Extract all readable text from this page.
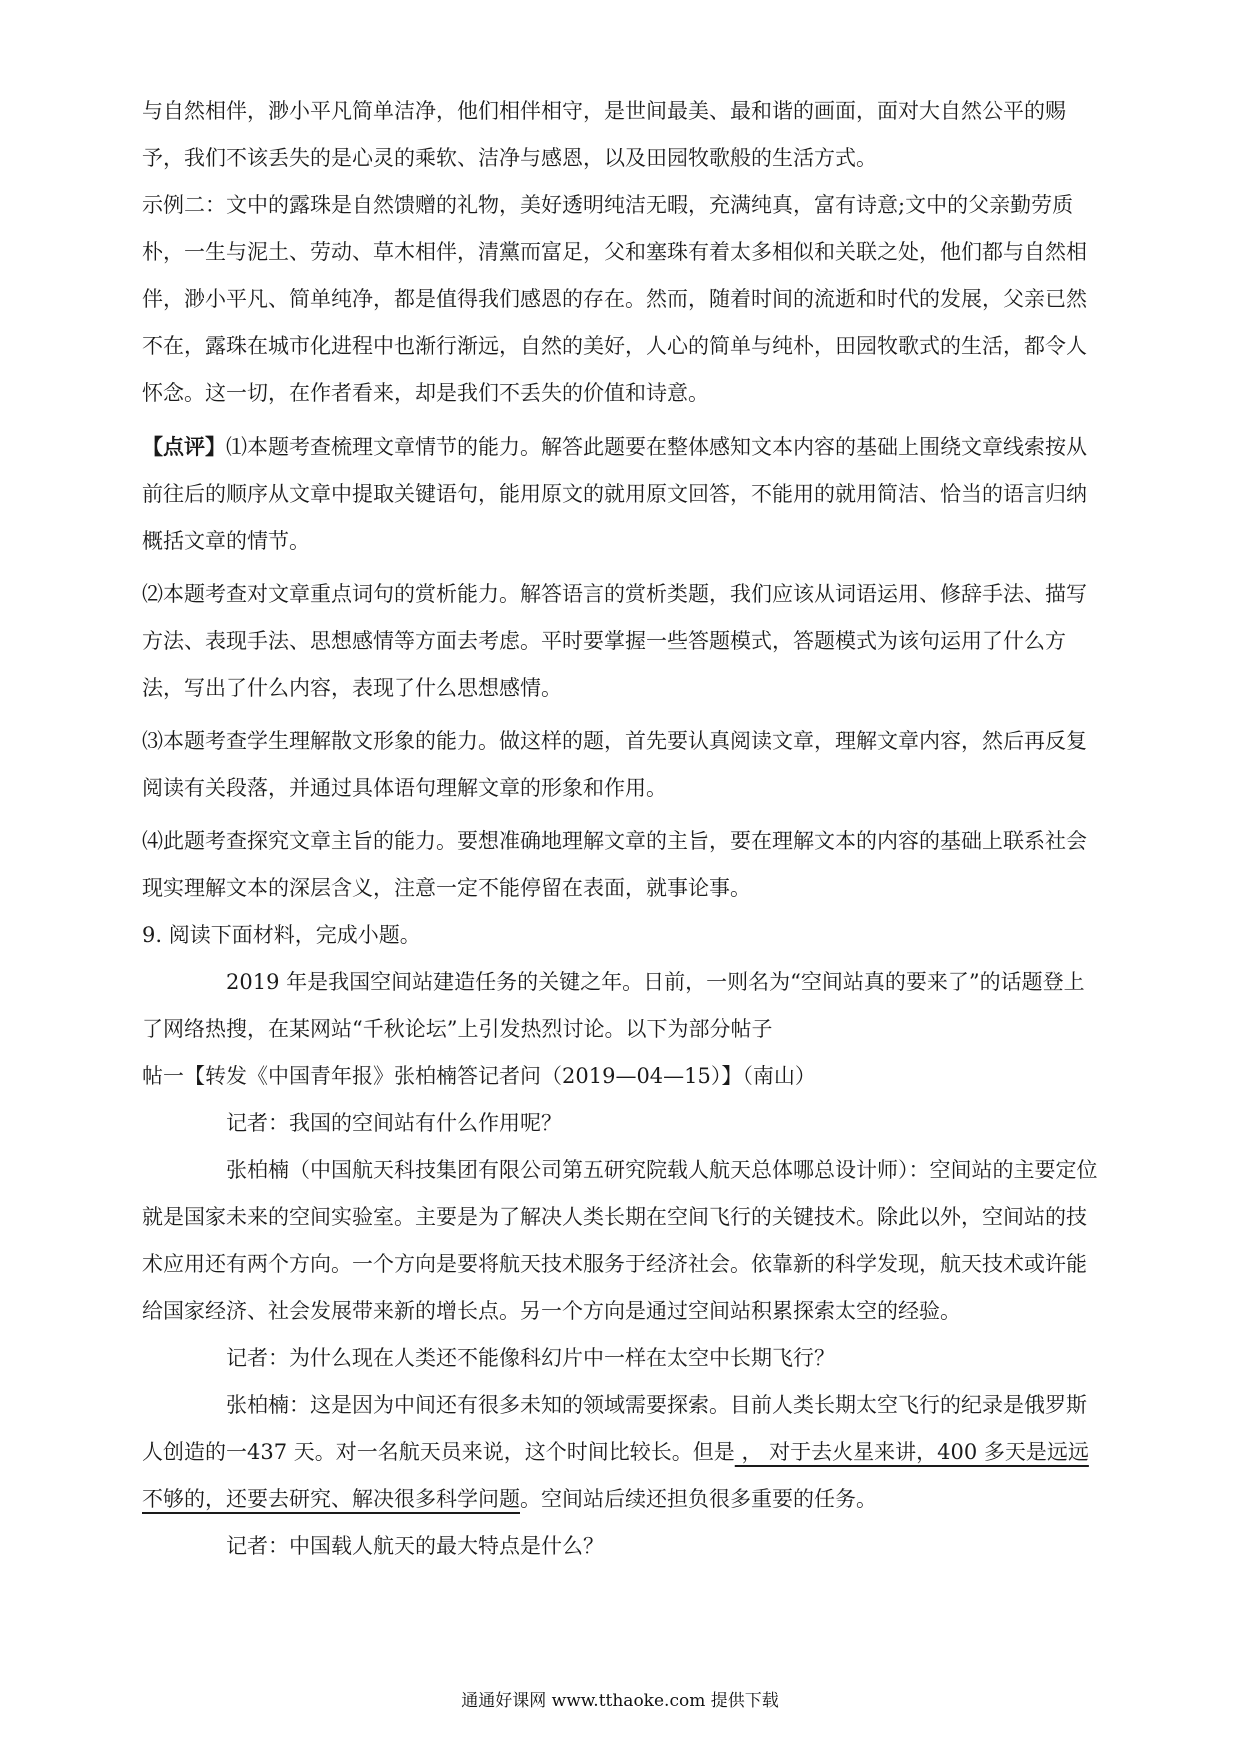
与自然相伴，渺小平凡简单洁净，他们相伴相守，是世间最美、最和谐的画面，面对大自然公平的赐予，我们不该丢失的是心灵的乘软、洁净与感恩，以及田园牧歌般的生活方式。

示例二：文中的露珠是自然馈赠的礼物，美好透明纯洁无暇，充满纯真，富有诗意;文中的父亲勤劳质朴，一生与泥土、劳动、草木相伴，清黨而富足，父和塞珠有着太多相似和关联之处，他们都与自然相伴，渺小平凡、简单纯净，都是值得我们感恩的存在。然而，随着时间的流逝和时代的发展，父亲已然不在，露珠在城市化进程中也渐行渐远，自然的美好，人心的简单与纯朴，田园牧歌式的生活，都令人怀念。这一切，在作者看来，却是我们不丢失的价值和诗意。

【点评】⑴本题考查梳理文章情节的能力。解答此题要在整体感知文本内容的基础上围绕文章线索按从前往后的顺序从文章中提取关键语句，能用原文的就用原文回答，不能用的就用简洁、恰当的语言归纳概括文章的情节。

⑵本题考查对文章重点词句的赏析能力。解答语言的赏析类题，我们应该从词语运用、修辞手法、描写方法、表现手法、思想感情等方面去考虑。平时要掌握一些答题模式，答题模式为该句运用了什么方法，写出了什么内容，表现了什么思想感情。

⑶本题考查学生理解散文形象的能力。做这样的题，首先要认真阅读文章，理解文章内容，然后再反复阅读有关段落，并通过具体语句理解文章的形象和作用。

⑷此题考查探究文章主旨的能力。要想准确地理解文章的主旨，要在理解文本的内容的基础上联系社会现实理解文本的深层含义，注意一定不能停留在表面，就事论事。

9. 阅读下面材料，完成小题。

2019 年是我国空间站建造任务的关键之年。日前，一则名为“空间站真的要来了”的话题登上了网络热搜，在某网站“千秋论坛”上引发热烈讨论。以下为部分帖子

帖一【转发《中国青年报》张柏楠答记者问（2019—04—15）】（南山）

记者：我国的空间站有什么作用呢？

张柏楠（中国航天科技集团有限公司第五研究院载人航天总体哪总设计师）：空间站的主要定位就是国家未来的空间实验室。主要是为了解决人类长期在空间飞行的关键技术。除此以外，空间站的技术应用还有两个方向。一个方向是要将航天技术服务于经济社会。依靠新的科学发现，航天技术或许能给国家经济、社会发展带来新的增长点。另一个方向是通过空间站积累探索太空的经验。

记者：为什么现在人类还不能像科幻片中一样在太空中长期飞行？

张柏楠：这是因为中间还有很多未知的领域需要探索。目前人类长期太空飞行的纪录是俄罗斯人创造的一437 天。对一名航天员来说，这个时间比较长。但是 ， 对于去火星来讲，400 多天是远远不够的，还要去研究、解决很多科学问题。空间站后续还担负很多重要的任务。

记者：中国载人航天的最大特点是什么？

通通好课网 www.tthaoke.com 提供下载
